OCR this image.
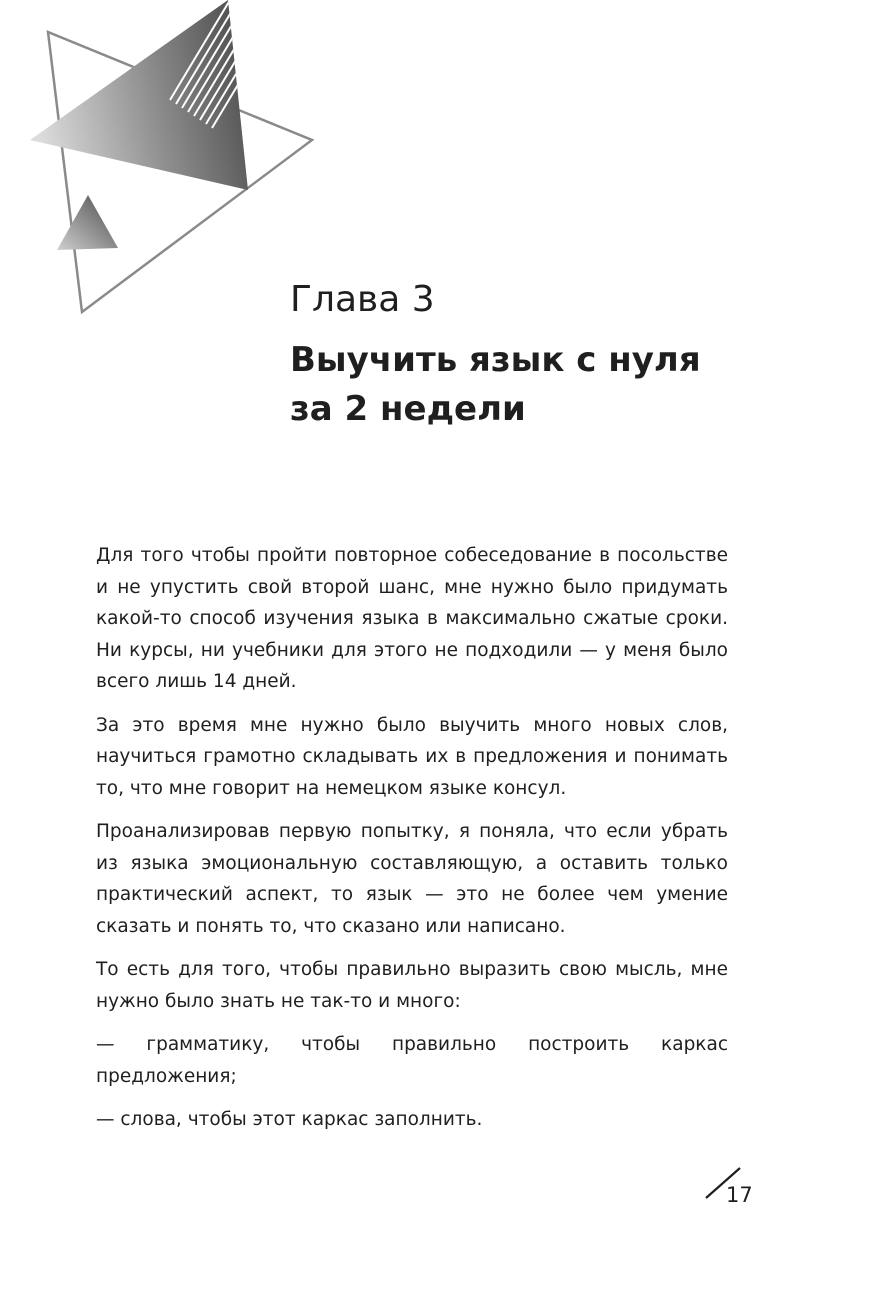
Глава 3
Выучить язык с нуля
за 2 недели

Для того чтобы пройти повторное собеседование в посольстве и не упустить свой второй шанс, мне нужно было придумать какой-то способ изучения языка в максимально сжатые сроки. Ни курсы, ни учебники для этого не подходили — у меня было всего лишь 14 дней.

За это время мне нужно было выучить много новых слов, научиться грамотно складывать их в предложения и понимать то, что мне говорит на немецком языке консул.

Проанализировав первую попытку, я поняла, что если убрать из языка эмоциональную составляющую, а оставить только практический аспект, то язык — это не более чем умение сказать и понять то, что сказано или написано.

То есть для того, чтобы правильно выразить свою мысль, мне нужно было знать не так-то и много:

— грамматику, чтобы правильно построить каркас предложения;

— слова, чтобы этот каркас заполнить.

17
